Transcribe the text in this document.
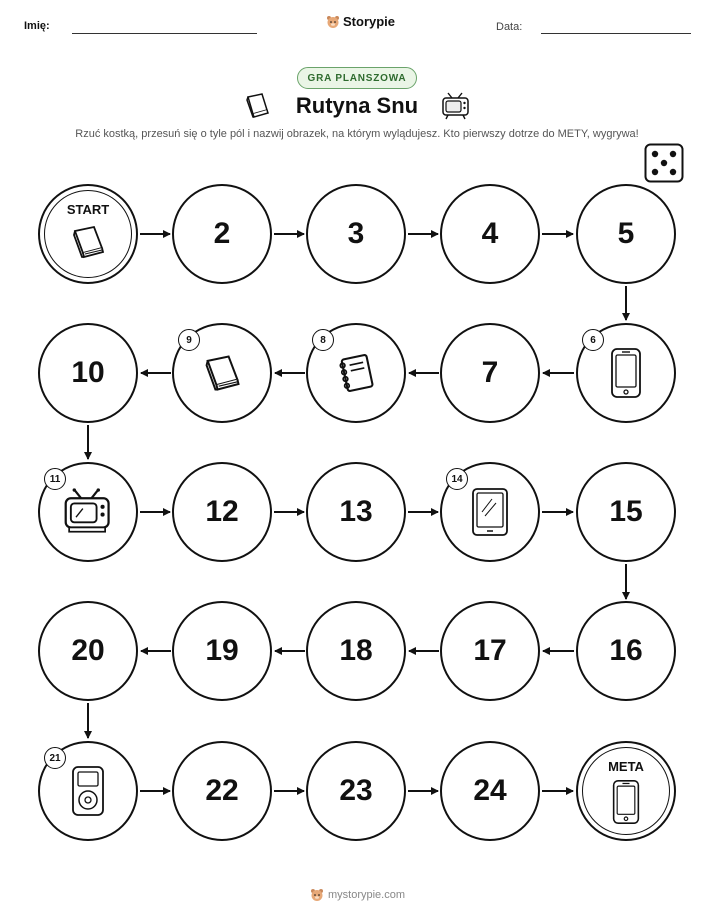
Imię:	Storypie	Data:
GRA PLANSZOWA
Rutyna Snu
Rzuć kostką, przesuń się o tyle pól i nazwij obrazek, na którym wylądujesz. Kto pierwszy dotrze do METY, wygrywa!
START
2	3	4	5
10
9	8
7
6
11
12	13
14
15
20	19	18	17	16
21
22	23	24
META
mystorypie.com
